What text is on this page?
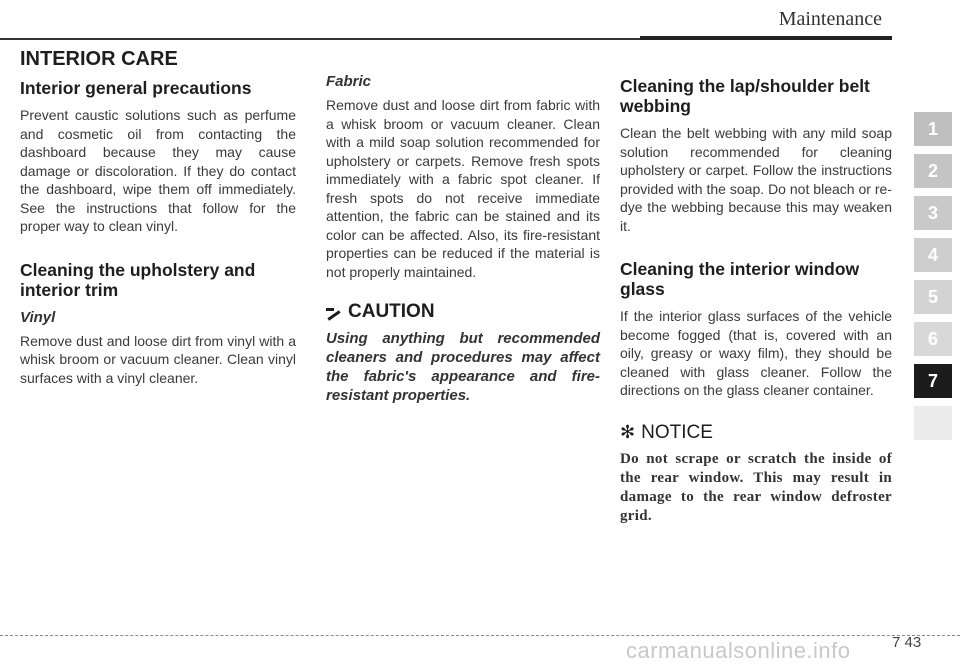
Maintenance
INTERIOR CARE
Interior general precautions

Prevent caustic solutions such as perfume and cosmetic oil from contacting the dashboard because they may cause damage or discoloration. If they do contact the dashboard, wipe them off immediately. See the instructions that follow for the proper way to clean vinyl.

Cleaning the upholstery and interior trim
Vinyl

Remove dust and loose dirt from vinyl with a whisk broom or vacuum cleaner. Clean vinyl surfaces with a vinyl cleaner.

Fabric

Remove dust and loose dirt from fabric with a whisk broom or vacuum cleaner. Clean with a mild soap solution recommended for upholstery or carpets. Remove fresh spots immediately with a fabric spot cleaner. If fresh spots do not receive immediate attention, the fabric can be stained and its color can be affected. Also, its fire-resistant properties can be reduced if the material is not properly maintained.

CAUTION

Using anything but recommended cleaners and procedures may affect the fabric's appearance and fire-resistant properties.

Cleaning the lap/shoulder belt webbing

Clean the belt webbing with any mild soap solution recommended for cleaning upholstery or carpet. Follow the instructions provided with the soap. Do not bleach or re-dye the webbing because this may weaken it.

Cleaning the interior window glass

If the interior glass surfaces of the vehicle become fogged (that is, covered with an oily, greasy or waxy film), they should be cleaned with glass cleaner. Follow the directions on the glass cleaner container.

✻ NOTICE

Do not scrape or scratch the inside of the rear window. This may result in damage to the rear window defroster grid.

1
2
3
4
5
6
7
carmanualsonline.info	7 43
